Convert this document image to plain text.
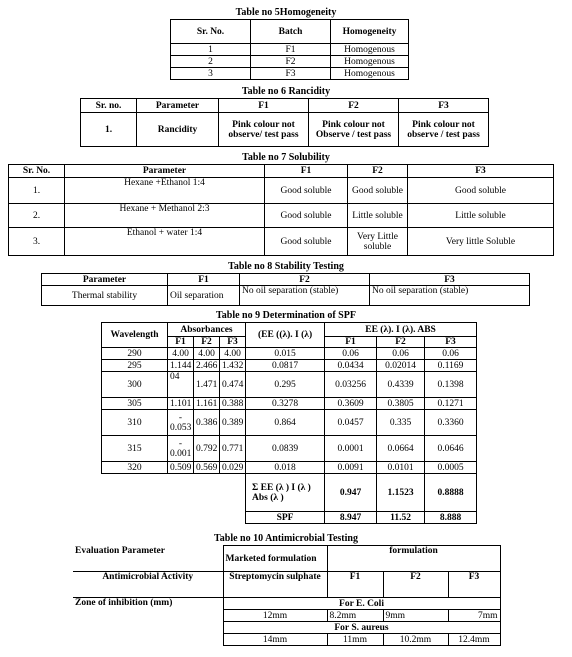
Table no 5Homogeneity
Sr. No.	Batch	Homogeneity
1	F1	Homogenous
2	F2	Homogenous
3	F3	Homogenous
Table no 6 Rancidity
Sr. no.	Parameter	F1	F2	F3
1.	Rancidity	Pink colour not observe/ test pass	Pink colour not Observe / test pass	Pink colour not observe / test pass
Table no 7 Solubility
Sr. No.	Parameter	F1	F2	F3
1.	Hexane +Ethanol 1:4	Good soluble	Good soluble	Good soluble
2.	Hexane + Methanol 2:3	Good soluble	Little soluble	Little soluble
3.	Ethanol + water 1:4	Good soluble	Very Little soluble	Very little Soluble
Table no 8 Stability Testing
Parameter	F1	F2	F3
Thermal stability	Oil separation	No oil separation (stable)	No oil separation (stable)
Table no 9 Determination of SPF
Wavelength	Absorbances			(EE ((λ). I (λ)	EE (λ). I (λ). ABS		
	F1	F2	F3		F1	F2	F3
290	4.00	4.00	4.00	0.015	0.06	0.06	0.06
295	1.144	2.466	1.432	0.0817	0.0434	0.02014	0.1169
300	04	1.471	0.474	0.295	0.03256	0.4339	0.1398
305	1.101	1.161	0.388	0.3278	0.3609	0.3805	0.1271
310	- 0.053	0.386	0.389	0.864	0.0457	0.335	0.3360
315	- 0.001	0.792	0.771	0.0839	0.0001	0.0664	0.0646
320	0.509	0.569	0.029	0.018	0.0091	0.0101	0.0005
				Σ EE (λ ) I (λ ) Abs (λ )	0.947	1.1523	0.8888
				SPF	8.947	11.52	8.888
Table no 10 Antimicrobial Testing
Evaluation Parameter	Marketed formulation	formulation		
Antimicrobial Activity	Streptomycin sulphate	F1	F2	F3
Zone of inhibition (mm)	For E. Coli			
	12mm	8.2mm	9mm	7mm
	For S. aureus			
	14mm	11mm	10.2mm	12.4mm
